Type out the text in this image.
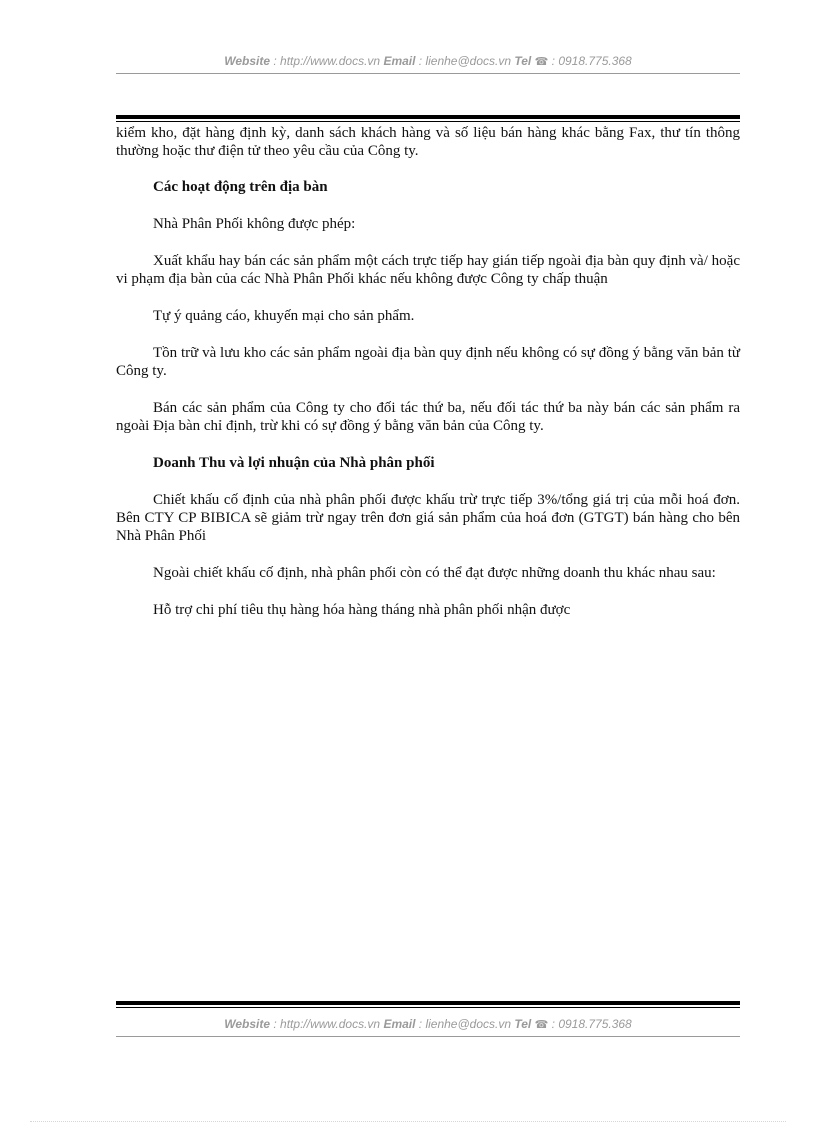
Website : http://www.docs.vn Email : lienhe@docs.vn Tel ☎ : 0918.775.368

kiểm kho, đặt hàng định kỳ, danh sách khách hàng và số liệu bán hàng khác bằng Fax, thư tín thông thường hoặc thư điện tử theo yêu cầu của Công ty.

Các hoạt động trên địa bàn

Nhà Phân Phối không được phép:

Xuất khẩu hay bán các sản phẩm một cách trực tiếp hay gián tiếp ngoài địa bàn quy định và/ hoặc vi phạm địa bàn của các Nhà Phân Phối khác nếu không được Công ty chấp thuận

Tự ý quảng cáo, khuyến mại cho sản phẩm.

Tồn trữ và lưu kho các sản phẩm ngoài địa bàn quy định nếu không có sự đồng ý bằng văn bản từ Công ty.

Bán các sản phẩm của Công ty cho đối tác thứ ba, nếu đối tác thứ ba này bán các sản phẩm ra ngoài Địa bàn chỉ định, trừ khi có sự đồng ý bằng văn bản của Công ty.

Doanh Thu và lợi nhuận của Nhà phân phối

Chiết khấu cố định của nhà phân phối được khấu trừ trực tiếp 3%/tổng giá trị của mỗi hoá đơn. Bên CTY CP BIBICA sẽ giảm trừ ngay trên đơn giá sản phẩm của hoá đơn (GTGT) bán hàng cho bên Nhà Phân Phối

Ngoài chiết khấu cố định, nhà phân phối còn có thể đạt được những doanh thu khác nhau sau:

Hỗ trợ chi phí tiêu thụ hàng hóa hàng tháng nhà phân phối nhận được

Website : http://www.docs.vn Email : lienhe@docs.vn Tel ☎ : 0918.775.368
